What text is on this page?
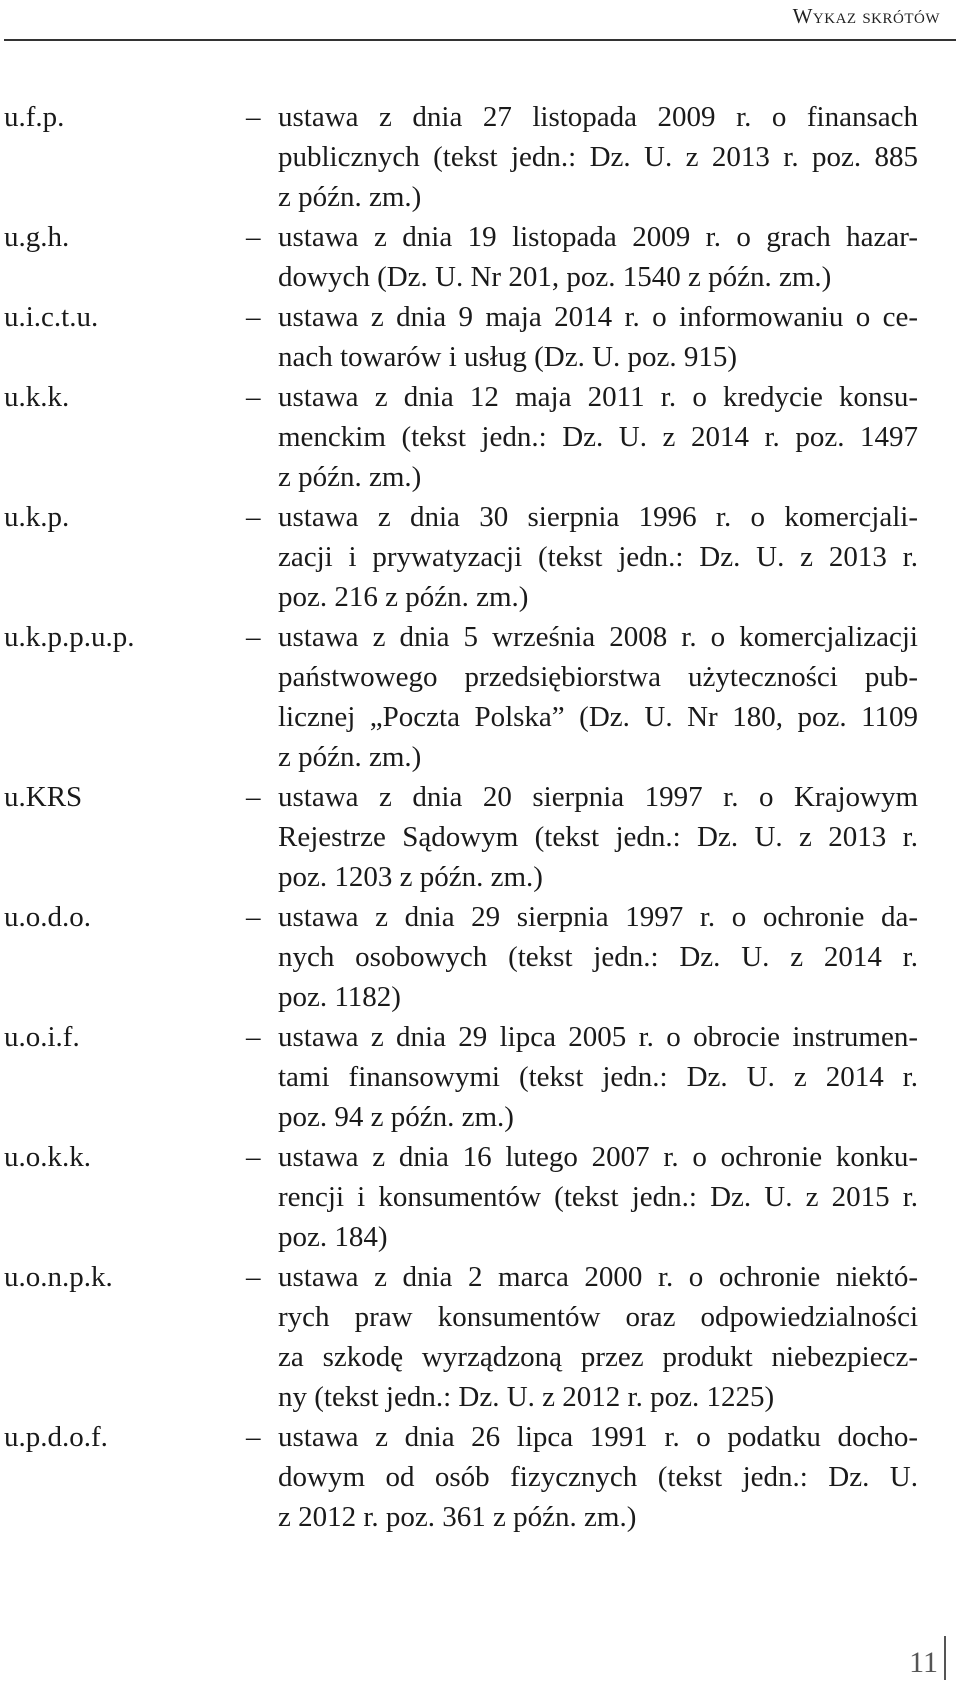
Wykaz skrótów
u.f.p.	– ustawa z dnia 27 listopada 2009 r. o finansach
publicznych (tekst jedn.: Dz. U. z 2013 r. poz. 885
z późn. zm.)
u.g.h.	– ustawa z dnia 19 listopada 2009 r. o grach hazar-
dowych (Dz. U. Nr 201, poz. 1540 z późn. zm.)
u.i.c.t.u.	– ustawa z dnia 9 maja 2014 r. o informowaniu o ce-
nach towarów i usług (Dz. U. poz. 915)
u.k.k.	– ustawa z dnia 12 maja 2011 r. o kredycie konsu-
menckim (tekst jedn.: Dz. U. z 2014 r. poz. 1497
z późn. zm.)
u.k.p.	– ustawa z dnia 30 sierpnia 1996 r. o komercjali-
zacji i prywatyzacji (tekst jedn.: Dz. U. z 2013 r.
poz. 216 z późn. zm.)
u.k.p.p.u.p.	– ustawa z dnia 5 września 2008 r. o komercjalizacji
państwowego przedsiębiorstwa użyteczności pub-
licznej „Poczta Polska” (Dz. U. Nr 180, poz. 1109
z późn. zm.)
u.KRS	– ustawa z dnia 20 sierpnia 1997 r. o Krajowym
Rejestrze Sądowym (tekst jedn.: Dz. U. z 2013 r.
poz. 1203 z późn. zm.)
u.o.d.o.	– ustawa z dnia 29 sierpnia 1997 r. o ochronie da-
nych osobowych (tekst jedn.: Dz. U. z 2014 r.
poz. 1182)
u.o.i.f.	– ustawa z dnia 29 lipca 2005 r. o obrocie instrumen-
tami finansowymi (tekst jedn.: Dz. U. z 2014 r.
poz. 94 z późn. zm.)
u.o.k.k.	– ustawa z dnia 16 lutego 2007 r. o ochronie konku-
rencji i konsumentów (tekst jedn.: Dz. U. z 2015 r.
poz. 184)
u.o.n.p.k.	– ustawa z dnia 2 marca 2000 r. o ochronie niektó-
rych praw konsumentów oraz odpowiedzialności
za szkodę wyrządzoną przez produkt niebezpiecz-
ny (tekst jedn.: Dz. U. z 2012 r. poz. 1225)
u.p.d.o.f.	– ustawa z dnia 26 lipca 1991 r. o podatku docho-
dowym od osób fizycznych (tekst jedn.: Dz. U.
z 2012 r. poz. 361 z późn. zm.)
11
